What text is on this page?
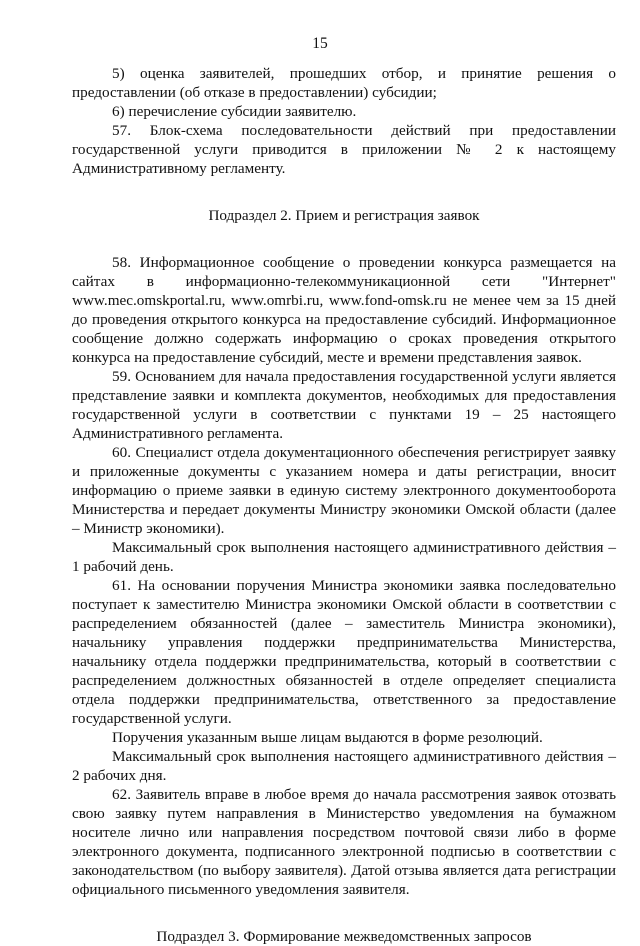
15

5) оценка заявителей, прошедших отбор, и принятие решения о предоставлении (об отказе в предоставлении) субсидии;

6) перечисление субсидии заявителю.

57. Блок-схема последовательности действий при предоставлении государственной услуги приводится в приложении № 2 к настоящему Административному регламенту.

Подраздел 2. Прием и регистрация заявок

58. Информационное сообщение о проведении конкурса размещается на сайтах в информационно-телекоммуникационной сети "Интернет" www.mec.omskportal.ru, www.omrbi.ru, www.fond-omsk.ru не менее чем за 15 дней до проведения открытого конкурса на предоставление субсидий. Информационное сообщение должно содержать информацию о сроках проведения открытого конкурса на предоставление субсидий, месте и времени представления заявок.

59. Основанием для начала предоставления государственной услуги является представление заявки и комплекта документов, необходимых для предоставления государственной услуги в соответствии с пунктами 19 – 25 настоящего Административного регламента.

60. Специалист отдела документационного обеспечения регистрирует заявку и приложенные документы с указанием номера и даты регистрации, вносит информацию о приеме заявки в единую систему электронного документооборота Министерства и передает документы Министру экономики Омской области (далее – Министр экономики).

Максимальный срок выполнения настоящего административного действия – 1 рабочий день.

61. На основании поручения Министра экономики заявка последовательно поступает к заместителю Министра экономики Омской области в соответствии с распределением обязанностей (далее – заместитель Министра экономики), начальнику управления поддержки предпринимательства Министерства, начальнику отдела поддержки предпринимательства, который в соответствии с распределением должностных обязанностей в отделе определяет специалиста отдела поддержки предпринимательства, ответственного за предоставление государственной услуги.

Поручения указанным выше лицам выдаются в форме резолюций.

Максимальный срок выполнения настоящего административного действия – 2 рабочих дня.

62. Заявитель вправе в любое время до начала рассмотрения заявок отозвать свою заявку путем направления в Министерство уведомления на бумажном носителе лично или направления посредством почтовой связи либо в форме электронного документа, подписанного электронной подписью в соответствии с законодательством (по выбору заявителя). Датой отзыва является дата регистрации официального письменного уведомления заявителя.

Подраздел 3. Формирование межведомственных запросов
